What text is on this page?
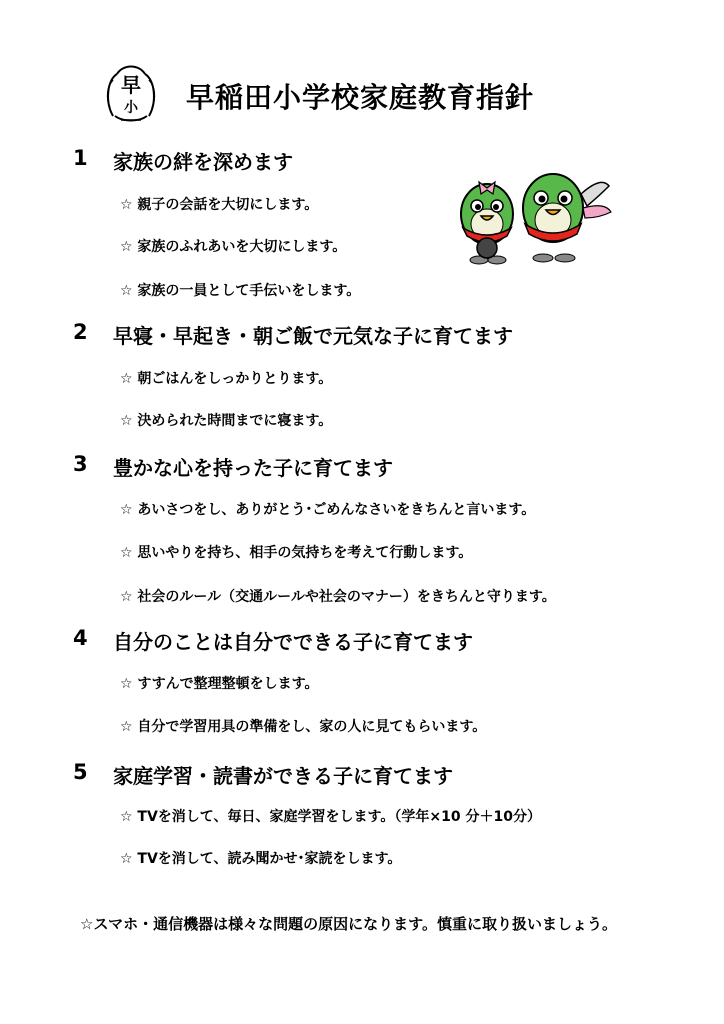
早
小 早稲田小学校家庭教育指針
1 家族の絆を深めます
☆ 親子の会話を大切にします。
☆ 家族のふれあいを大切にします。
☆ 家族の一員として手伝いをします。
2 早寝・早起き・朝ご飯で元気な子に育てます
☆ 朝ごはんをしっかりとります。
☆ 決められた時間までに寝ます。
3 豊かな心を持った子に育てます
☆ あいさつをし、ありがとう･ごめんなさいをきちんと言います。
☆ 思いやりを持ち、相手の気持ちを考えて行動します。
☆ 社会のルール（交通ルールや社会のマナー）をきちんと守ります。
4 自分のことは自分でできる子に育てます
☆ すすんで整理整頓をします。
☆ 自分で学習用具の準備をし、家の人に見てもらいます。
5 家庭学習・読書ができる子に育てます
☆ TVを消して、毎日、家庭学習をします。（学年×10 分＋10分）
☆ TVを消して、読み聞かせ･家読をします。
☆スマホ・通信機器は様々な問題の原因になります。慎重に取り扱いましょう。
